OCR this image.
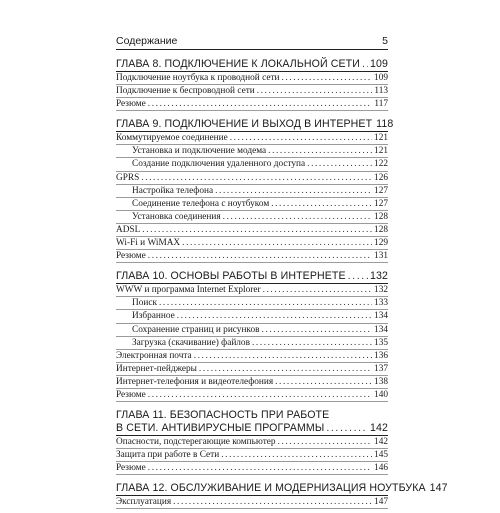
Содержание	5
ГЛАВА 8. ПОДКЛЮЧЕНИЕ К ЛОКАЛЬНОЙ СЕТИ ..... 109
Подключение ноутбука к проводной сети .....	109
Подключение к беспроводной сети .....	113
Резюме .....	117
ГЛАВА 9. ПОДКЛЮЧЕНИЕ И ВЫХОД В ИНТЕРНЕТ 118
Коммутируемое соединение .....	121
Установка и подключение модема .....	121
Создание подключения удаленного доступа .....	122
GPRS .....	126
Настройка телефона .....	127
Соединение телефона с ноутбуком .....	127
Установка соединения .....	128
ADSL .....	128
Wi-Fi и WiMAX .....	129
Резюме .....	131
ГЛАВА 10. ОСНОВЫ РАБОТЫ В ИНТЕРНЕТЕ ..... 132
WWW и программа Internet Explorer .....	132
Поиск .....	133
Избранное .....	134
Сохранение страниц и рисунков .....	134
Загрузка (скачивание) файлов .....	135
Электронная почта .....	136
Интернет-пейджеры .....	137
Интернет-телефония и видеотелефония .....	138
Резюме .....	140
ГЛАВА 11. БЕЗОПАСНОСТЬ ПРИ РАБОТЕ
В СЕТИ. АНТИВИРУСНЫЕ ПРОГРАММЫ .....	142
Опасности, подстерегающие компьютер .....	142
Защита при работе в Сети .....	145
Резюме .....	146
ГЛАВА 12. ОБСЛУЖИВАНИЕ И МОДЕРНИЗАЦИЯ НОУТБУКА 147
Эксплуатация .....	147
